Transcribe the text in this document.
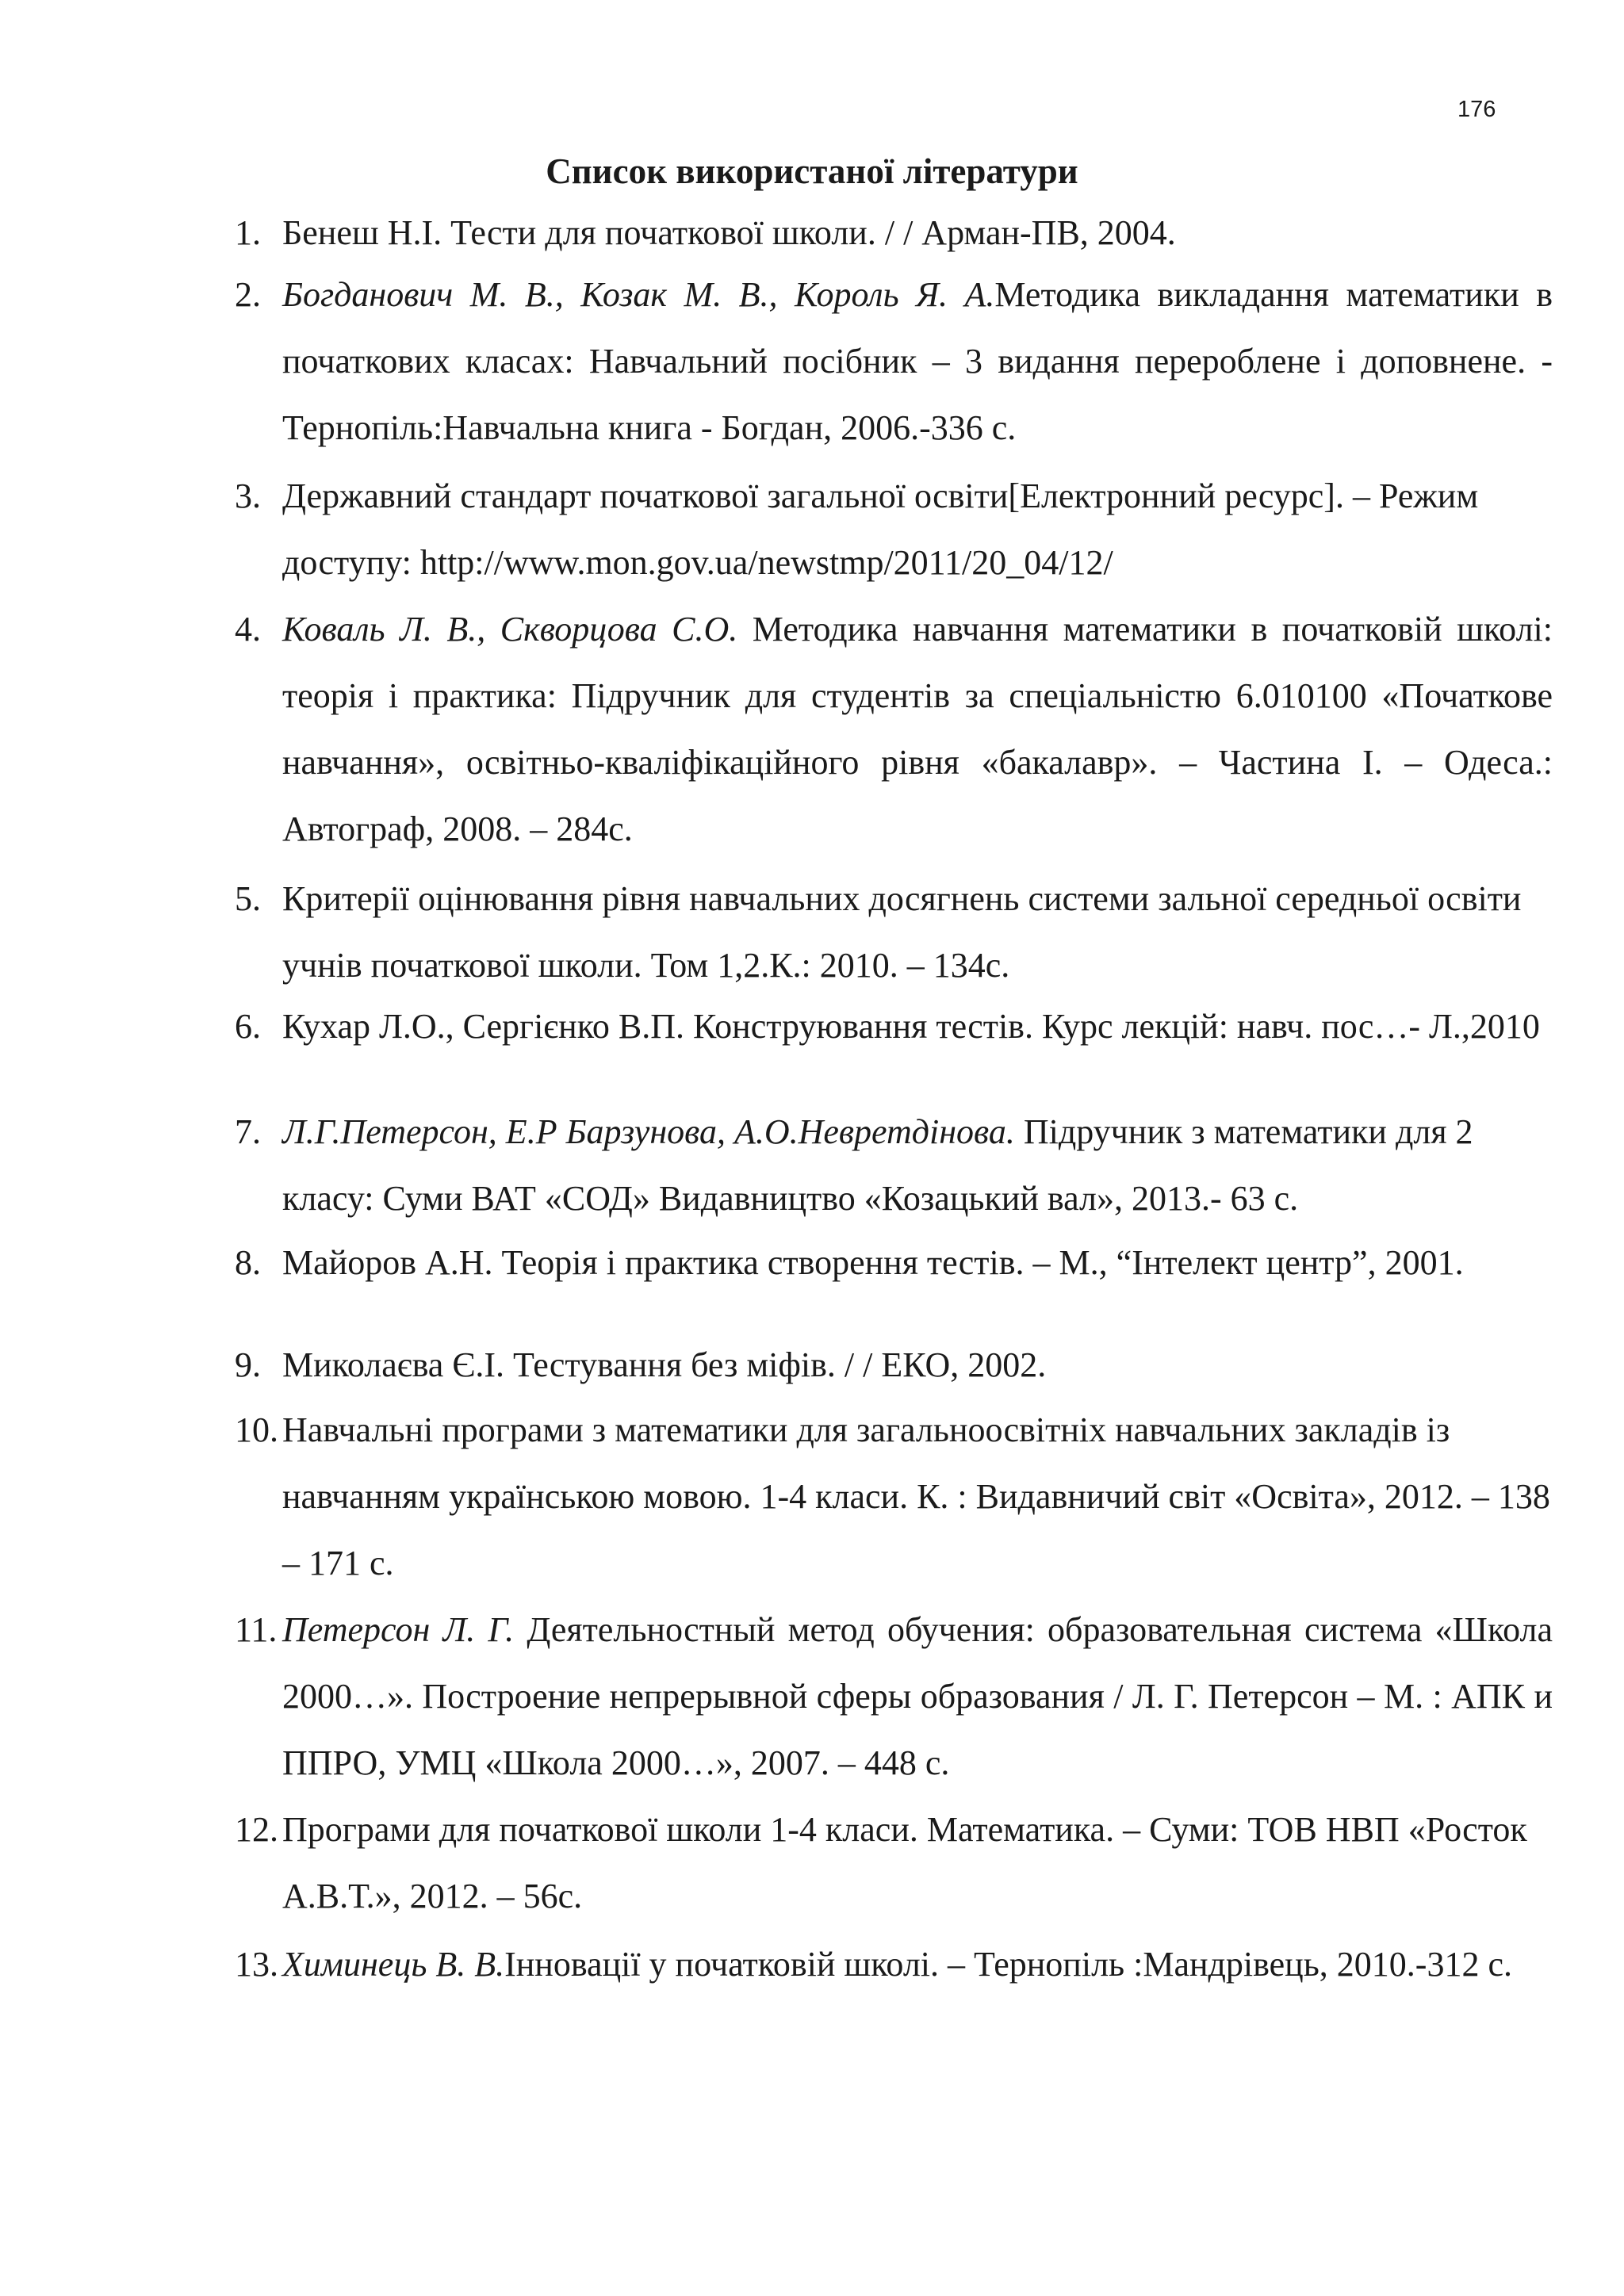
176
Список використаної літератури
1. Бенеш Н.І. Тести для початкової школи. / / Арман-ПВ, 2004.
2. Богданович М. В., Козак М. В., Король Я. А.Методика викладання математики в початкових класах: Навчальний посібник – 3 видання перероблене і доповнене. - Тернопіль:Навчальна книга - Богдан, 2006.-336 с.
3. Державний стандарт початкової загальної освіти[Електронний ресурс]. – Режим доступу: http://www.mon.gov.ua/newstmp/2011/20_04/12/
4. Коваль Л. В., Скворцова С.О. Методика навчання математики в початковій школі: теорія і практика: Підручник для студентів за спеціальністю 6.010100 «Початкове навчання», освітньо-кваліфікаційного рівня «бакалавр». – Частина І. – Одеса.: Автограф, 2008. – 284с.
5. Критерії оцінювання рівня навчальних досягнень системи зальної середньої освіти учнів початкової школи. Том 1,2.К.: 2010. – 134с.
6. Кухар Л.О., Сергієнко В.П. Конструювання тестів. Курс лекцій: навч. пос…- Л.,2010
7. Л.Г.Петерсон, Е.Р Барзунова, А.О.Невретдінова. Підручник з математики для 2 класу: Суми ВАТ «СОД» Видавництво «Козацький вал», 2013.- 63 с.
8. Майоров А.Н. Теорія і практика створення тестів. – М., “Інтелект центр”, 2001.
9. Миколаєва Є.І. Тестування без міфів. / / ЕКО, 2002.
10. Навчальні програми з математики для загальноосвітніх навчальних закладів із навчанням українською мовою. 1-4 класи. К. : Видавничий світ «Освіта», 2012. – 138 – 171 с.
11. Петерсон Л. Г. Деятельностный метод обучения: образовательная система «Школа 2000…». Построение непрерывной сферы образования / Л. Г. Петерсон – М. : АПК и ППРО, УМЦ «Школа 2000…», 2007. – 448 с.
12. Програми для початкової школи 1-4 класи. Математика. – Суми: ТОВ НВП «Росток А.В.Т.», 2012. – 56с.
13. Химинець В. В.Інновації у початковій школі. – Тернопіль :Мандрівець, 2010.-312 с.
